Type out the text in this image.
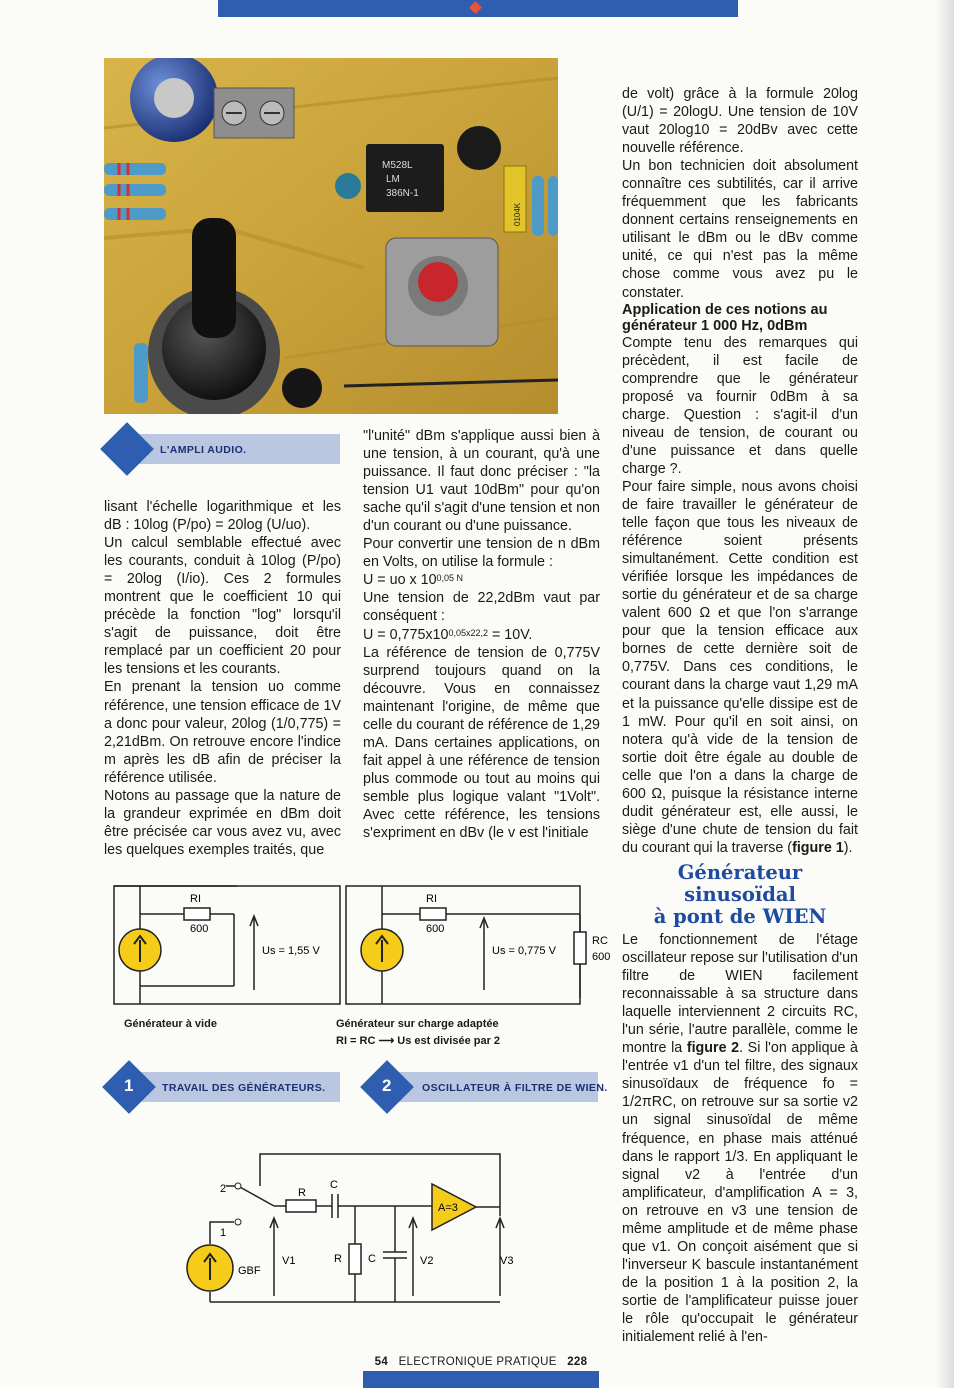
M528L
LM
386N-1
0104K
L'AMPLI AUDIO.

lisant l'échelle logarithmique et les dB : 10log (P/po) = 20log (U/uo).

Un calcul semblable effectué avec les courants, conduit à 10log (P/po) = 20log (I/io). Ces 2 formules montrent que le coefficient 10 qui précède la fonction "log" lorsqu'il s'agit de puissance, doit être remplacé par un coefficient 20 pour les tensions et les courants.

En prenant la tension uo comme référence, une tension efficace de 1V a donc pour valeur, 20log (1/0,775) = 2,21dBm. On retrouve encore l'indice m après les dB afin de préciser la référence utilisée.

Notons au passage que la nature de la grandeur exprimée en dBm doit être précisée car vous avez vu, avec les quelques exemples traités, que

"l'unité" dBm s'applique aussi bien à une tension, à un courant, qu'à une puissance. Il faut donc préciser : "la tension U1 vaut 10dBm" pour qu'on sache qu'il s'agit d'une tension et non d'un courant ou d'une puissance.

Pour convertir une tension de n dBm en Volts, on utilise la formule :

U = uo x $10^{0,05 N}$

Une tension de 22,2dBm vaut par conséquent :

$U = 0,775x10^{0,05x22,2} = 10V$.

La référence de tension de 0,775V surprend toujours quand on la découvre. Vous en connaissez maintenant l'origine, de même que celle du courant de référence de 1,29 mA. Dans certaines applications, on fait appel à une référence de tension plus commode ou tout au moins qui semble plus logique valant "1Volt". Avec cette référence, les tensions s'expriment en dBv (le v est l'initiale

de volt) grâce à la formule 20log (U/1) = 20logU. Une tension de 10V vaut 20log10 = 20dBv avec cette nouvelle référence.

Un bon technicien doit absolument connaître ces subtilités, car il arrive fréquemment que les fabricants donnent certains renseignements en utilisant le dBm ou le dBv comme unité, ce qui n'est pas la même chose comme vous avez pu le constater.

Application de ces notions au générateur 1 000 Hz, 0dBm

Compte tenu des remarques qui précèdent, il est facile de comprendre que le générateur proposé va fournir 0dBm à sa charge. Question : s'agit-il d'un niveau de tension, de courant ou d'une puissance et dans quelle charge ?.

Pour faire simple, nous avons choisi de faire travailler le générateur de telle façon que tous les niveaux de référence soient présents simultanément. Cette condition est vérifiée lorsque les impédances de sortie du générateur et de sa charge valent 600 Ω et que l'on s'arrange pour que la tension efficace aux bornes de cette dernière soit de 0,775V. Dans ces conditions, le courant dans la charge vaut 1,29 mA et la puissance qu'elle dissipe est de 1 mW. Pour qu'il en soit ainsi, on notera qu'à vide de la tension de sortie doit être égale au double de celle que l'on a dans la charge de 600 Ω, puisque la résistance interne dudit générateur est, elle aussi, le siège d'une chute de tension du fait du courant qui la traverse (figure 1).

Générateur sinusoïdal
à pont de WIEN

Le fonctionnement de l'étage oscillateur repose sur l'utilisation d'un filtre de WIEN facilement reconnaissable à sa structure dans laquelle interviennent 2 circuits RC, l'un série, l'autre parallèle, comme le montre la figure 2. Si l'on applique à l'entrée v1 d'un tel filtre, des signaux sinusoïdaux de fréquence fo = 1/2πRC, on retrouve sur sa sortie v2 un signal sinusoïdal de même fréquence, en phase mais atténué dans le rapport 1/3. En appliquant le signal v2 à l'entrée d'un amplificateur, d'amplification A = 3, on retrouve en v3 une tension de même amplitude et de même phase que v1. On conçoit aisément que si l'inverseur K bascule instantanément de la position 1 à la position 2, la sortie de l'amplificateur puisse jouer le rôle qu'occupait le générateur initialement relié à l'en-

RI
600
Us = 1,55 V
RI
600
Us = 0,775 V
RC
600
Générateur à vide	Générateur sur charge adaptée
RI = RC ⟶ Us est divisée par 2
1	TRAVAIL DES GÉNÉRATEURS.	2	OSCILLATEUR À FILTRE DE WIEN.
2
1
R
C
A=3
GBF
V1	R C	V2	V3
54 ELECTRONIQUE PRATIQUE 228
